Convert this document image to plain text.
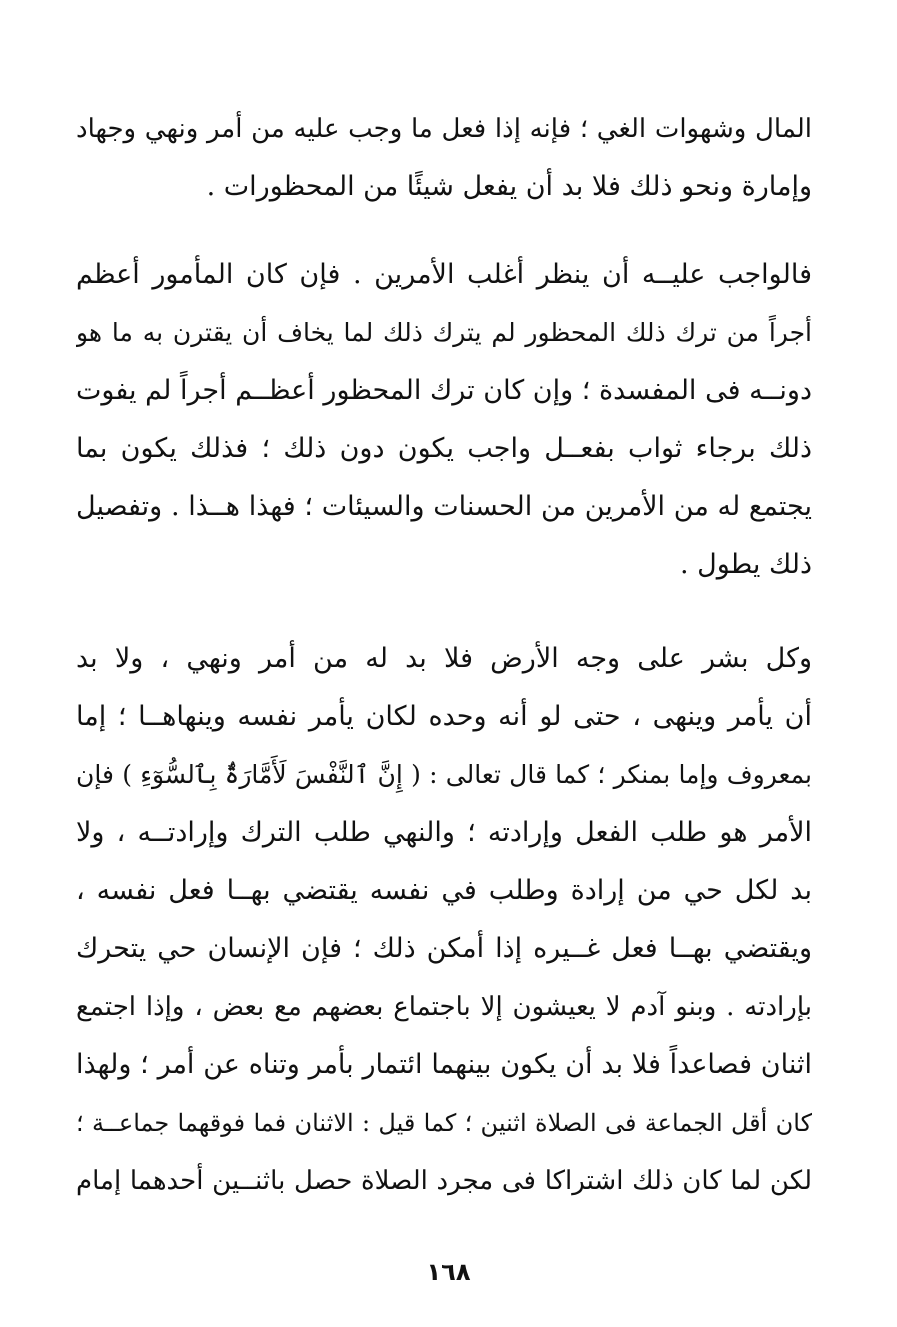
المال وشهوات الغي ؛ فإنه إذا فعل ما وجب عليه من أمر ونهي وجهاد
وإمارة ونحو ذلك فلا بد أن يفعل شيئًا من المحظورات .
فالواجب عليــه أن ينظر أغلب الأمرين . فإن كان المأمور أعظم
أجراً من ترك ذلك المحظور لم يترك ذلك لما يخاف أن يقترن به ما هو
دونــه فى المفسدة ؛ وإن كان ترك المحظور أعظــم أجراً لم يفوت
ذلك برجاء ثواب بفعــل واجب يكون دون ذلك ؛ فذلك يكون بما
يجتمع له من الأمرين من الحسنات والسيئات ؛ فهذا هــذا . وتفصيل
ذلك يطول .
وكل بشر على وجه الأرض فلا بد له من أمر ونهي ، ولا بد
أن يأمر وينهى ، حتى لو أنه وحده لكان يأمر نفسه وينهاهــا ؛ إما
بمعروف وإما بمنكر ؛ كما قال تعالى : ( إِنَّ ٱلنَّفْسَ لَأَمَّارَةٌۢ بِٱلسُّوٓءِ ) فإن
الأمر هو طلب الفعل وإرادته ؛ والنهي طلب الترك وإرادتــه ، ولا
بد لكل حي من إرادة وطلب في نفسه يقتضي بهــا فعل نفسه ،
ويقتضي بهــا فعل غــيره إذا أمكن ذلك ؛ فإن الإنسان حي يتحرك
بإرادته . وبنو آدم لا يعيشون إلا باجتماع بعضهم مع بعض ، وإذا اجتمع
اثنان فصاعداً فلا بد أن يكون بينهما ائتمار بأمر وتناه عن أمر ؛ ولهذا
كان أقل الجماعة فى الصلاة اثنين ؛ كما قيل : الاثنان فما فوقهما جماعــة ؛
لكن لما كان ذلك اشتراكا فى مجرد الصلاة حصل باثنــين أحدهما إمام
١٦٨
